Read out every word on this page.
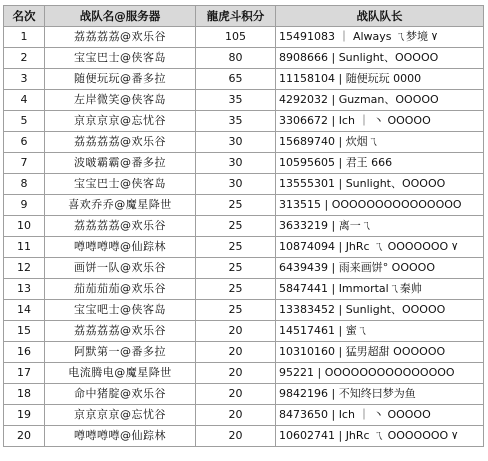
名次	战队名@服务器	龍虎斗积分	战队队长
1	荔荔荔荔@欢乐谷	105	15491083 ｜ Always ㄟ梦境 ۷
2	宝宝巴士@侠客岛	80	8908666 | Sunlight、OOOOO
3	随便玩玩@番多拉	65	11158104 | 随便玩玩 0000
4	左岸微笑@侠客岛	35	4292032 | Guzman、OOOOO
5	京京京京@忘忧谷	35	3306672 | Ich ｜ 丶 OOOOO
6	荔荔荔荔@欢乐谷	30	15689740 | 炊烟ㄟ
7	波啵霸霸@番多拉	30	10595605 | 君王 666
8	宝宝巴士@侠客岛	30	13555301 | Sunlight、OOOOO
9	喜欢乔乔@魔星降世	25	313515 | OOOOOOOOOOOOOOO
10	荔荔荔荔@欢乐谷	25	3633219 | 离一ㄟ
11	噂噂噂噂@仙踪林	25	10874094 | JhRc ㄟ OOOOOOO ۷
12	画饼一队@欢乐谷	25	6439439 | 雨来画饼° OOOOO
13	茄茄茄茄@欢乐谷	25	5847441 | Immortalㄟ秦帅
14	宝宝吧士@侠客岛	25	13383452 | Sunlight、OOOOO
15	荔荔荔荔@欢乐谷	20	14517461 | 蜜ㄟ
16	阿默第一@番多拉	20	10310160 | 猛男超甜 OOOOOO
17	电流腾电@魔星降世	20	95221 | OOOOOOOOOOOOOOO
18	命中猪腚@欢乐谷	20	9842196 | 不知终曰梦为鱼
19	京京京京@忘忧谷	20	8473650 | Ich ｜ 丶 OOOOO
20	噂噂噂噂@仙踪林	20	10602741 | JhRc ㄟ OOOOOOO ۷
